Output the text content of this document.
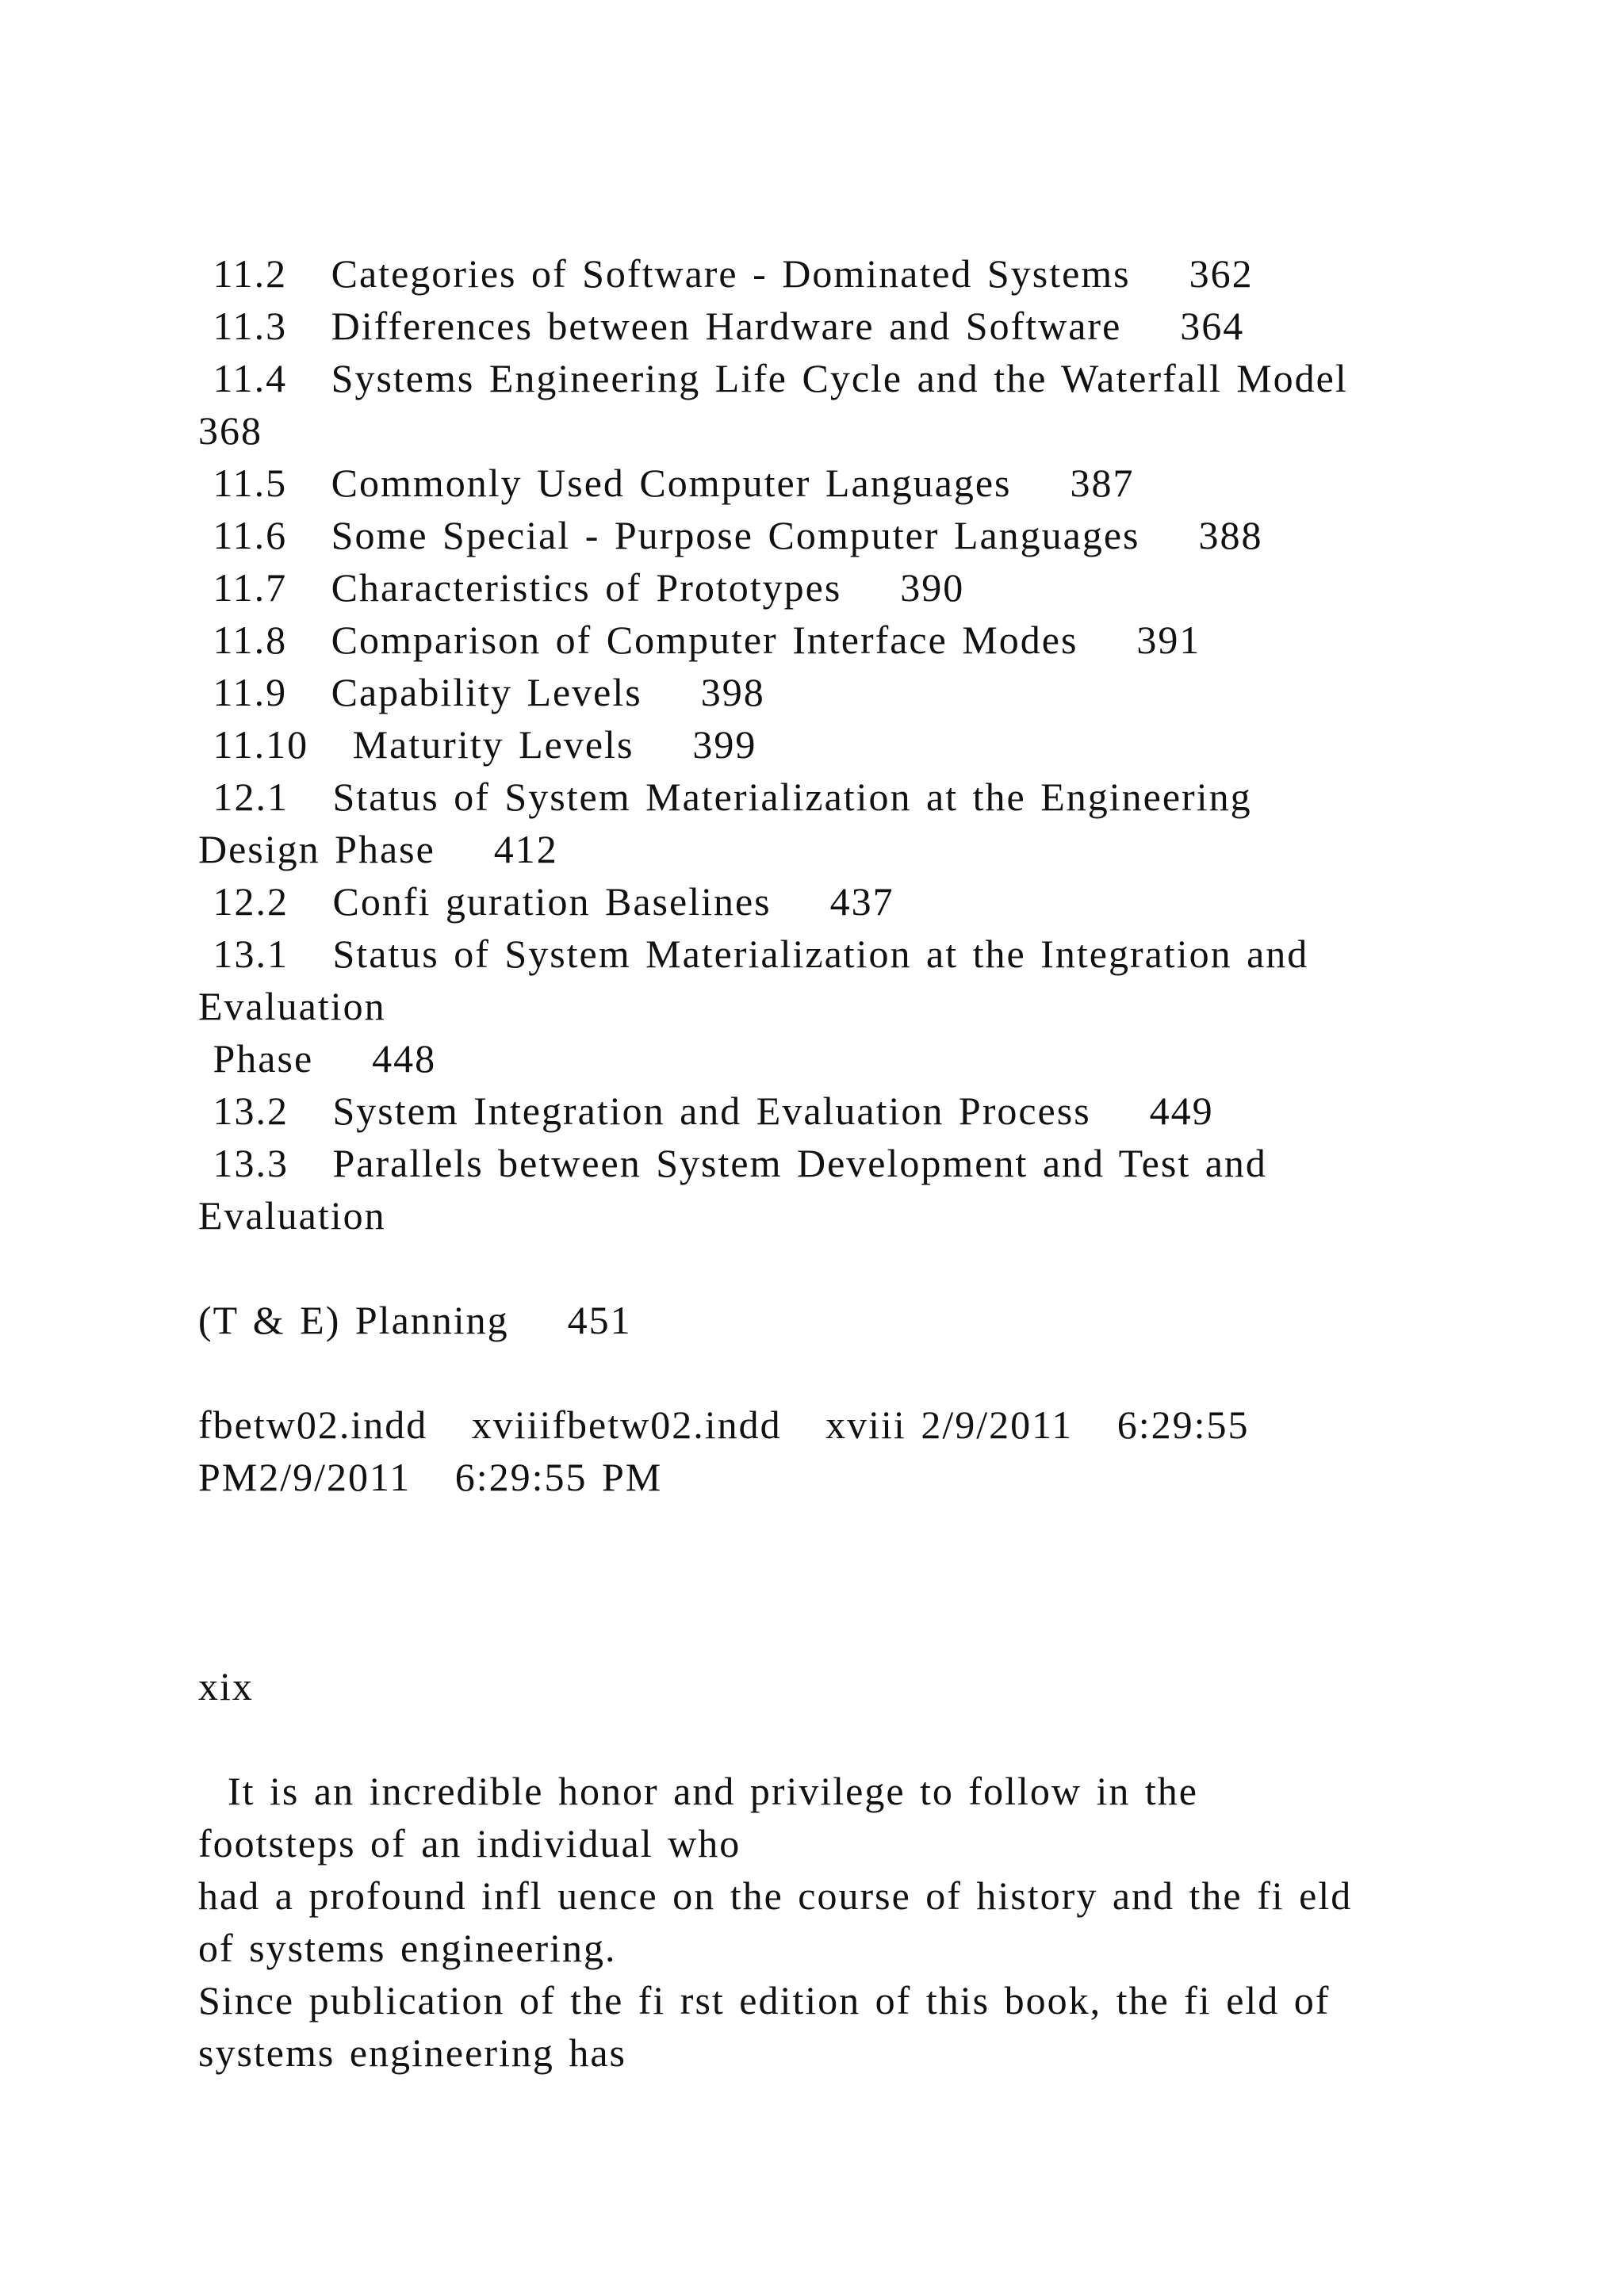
11.2   Categories of Software - Dominated Systems    362
11.3   Differences between Hardware and Software    364
11.4   Systems Engineering Life Cycle and the Waterfall Model
368
11.5   Commonly Used Computer Languages    387
11.6   Some Special - Purpose Computer Languages    388
11.7   Characteristics of Prototypes    390
11.8   Comparison of Computer Interface Modes    391
11.9   Capability Levels    398
11.10   Maturity Levels    399
12.1   Status of System Materialization at the Engineering
Design Phase    412
12.2   Confi guration Baselines    437
13.1   Status of System Materialization at the Integration and
Evaluation
Phase    448
13.2   System Integration and Evaluation Process    449
13.3   Parallels between System Development and Test and
Evaluation
(T & E) Planning    451
fbetw02.indd   xviiifbetw02.indd   xviii 2/9/2011   6:29:55
PM2/9/2011   6:29:55 PM
xix
It is an incredible honor and privilege to follow in the
footsteps of an individual who
had a profound infl uence on the course of history and the fi eld
of systems engineering.
Since publication of the fi rst edition of this book, the fi eld of
systems engineering has
